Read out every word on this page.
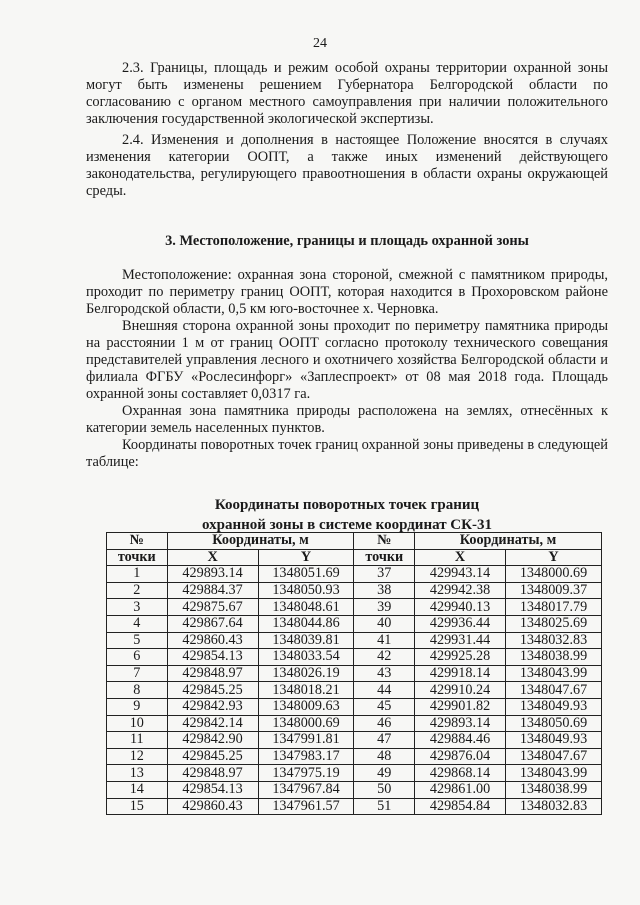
24

2.3. Границы, площадь и режим особой охраны территории охранной зоны могут быть изменены решением Губернатора Белгородской области по согласованию с органом местного самоуправления при наличии положительного заключения государственной экологической экспертизы.

2.4. Изменения и дополнения в настоящее Положение вносятся в случаях изменения категории ООПТ, а также иных изменений действующего законодательства, регулирующего правоотношения в области охраны окружающей среды.

3. Местоположение, границы и площадь охранной зоны

Местоположение: охранная зона стороной, смежной с памятником природы, проходит по периметру границ ООПТ, которая находится в Прохоровском районе Белгородской области, 0,5 км юго-восточнее х. Черновка.

Внешняя сторона охранной зоны проходит по периметру памятника природы на расстоянии 1 м от границ ООПТ согласно протоколу технического совещания представителей управления лесного и охотничего хозяйства Белгородской области и филиала ФГБУ «Рослесинфорг» «Заплеспроект» от 08 мая 2018 года. Площадь охранной зоны составляет 0,0317 га.

Охранная зона памятника природы расположена на землях, отнесённых к категории земель населенных пунктов.

Координаты поворотных точек границ охранной зоны приведены в следующей таблице:

Координаты поворотных точек границ
охранной зоны в системе координат СК-31

№	Координаты, м		№	Координаты, м	
точки	X	Y	точки	X	Y
1	429893.14	1348051.69	37	429943.14	1348000.69
2	429884.37	1348050.93	38	429942.38	1348009.37
3	429875.67	1348048.61	39	429940.13	1348017.79
4	429867.64	1348044.86	40	429936.44	1348025.69
5	429860.43	1348039.81	41	429931.44	1348032.83
6	429854.13	1348033.54	42	429925.28	1348038.99
7	429848.97	1348026.19	43	429918.14	1348043.99
8	429845.25	1348018.21	44	429910.24	1348047.67
9	429842.93	1348009.63	45	429901.82	1348049.93
10	429842.14	1348000.69	46	429893.14	1348050.69
11	429842.90	1347991.81	47	429884.46	1348049.93
12	429845.25	1347983.17	48	429876.04	1348047.67
13	429848.97	1347975.19	49	429868.14	1348043.99
14	429854.13	1347967.84	50	429861.00	1348038.99
15	429860.43	1347961.57	51	429854.84	1348032.83
